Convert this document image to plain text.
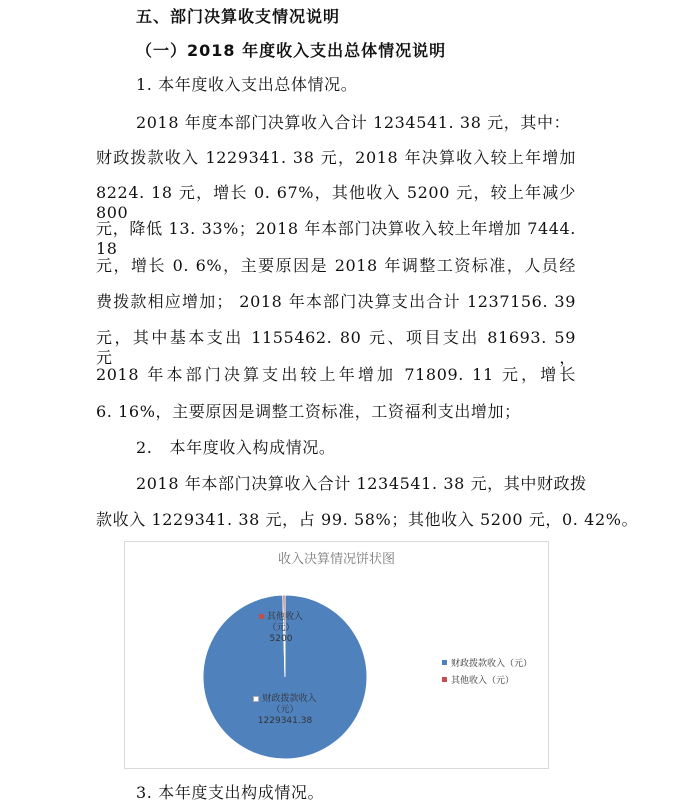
五、部门决算收支情况说明
（一）2018 年度收入支出总体情况说明
1. 本年度收入支出总体情况。
2018 年度本部门决算收入合计 1234541. 38 元，其中：
财政拨款收入 1229341. 38 元，2018 年决算收入较上年增加
8224. 18 元，增长 0. 67%，其他收入 5200 元，较上年减少 800
元，降低 13. 33%；2018 年本部门决算收入较上年增加 7444. 18
元，增长 0. 6%，主要原因是 2018 年调整工资标准，人员经
费拨款相应增加； 2018 年本部门决算支出合计 1237156. 39
元，其中基本支出 1155462. 80 元、项目支出 81693. 59 元，
2018 年本部门决算支出较上年增加 71809. 11 元，增长
6. 16%，主要原因是调整工资标准，工资福利支出增加；
2.   本年度收入构成情况。
2018 年本部门决算收入合计 1234541. 38 元，其中财政拨
款收入 1229341. 38 元，占 99. 58%；其他收入 5200 元，0. 42%。
收入决算情况饼状图
其他收入（元）
5200
财政拨款收入
（元）
1229341.38
财政拨款收入（元）
其他收入（元）
3. 本年度支出构成情况。
